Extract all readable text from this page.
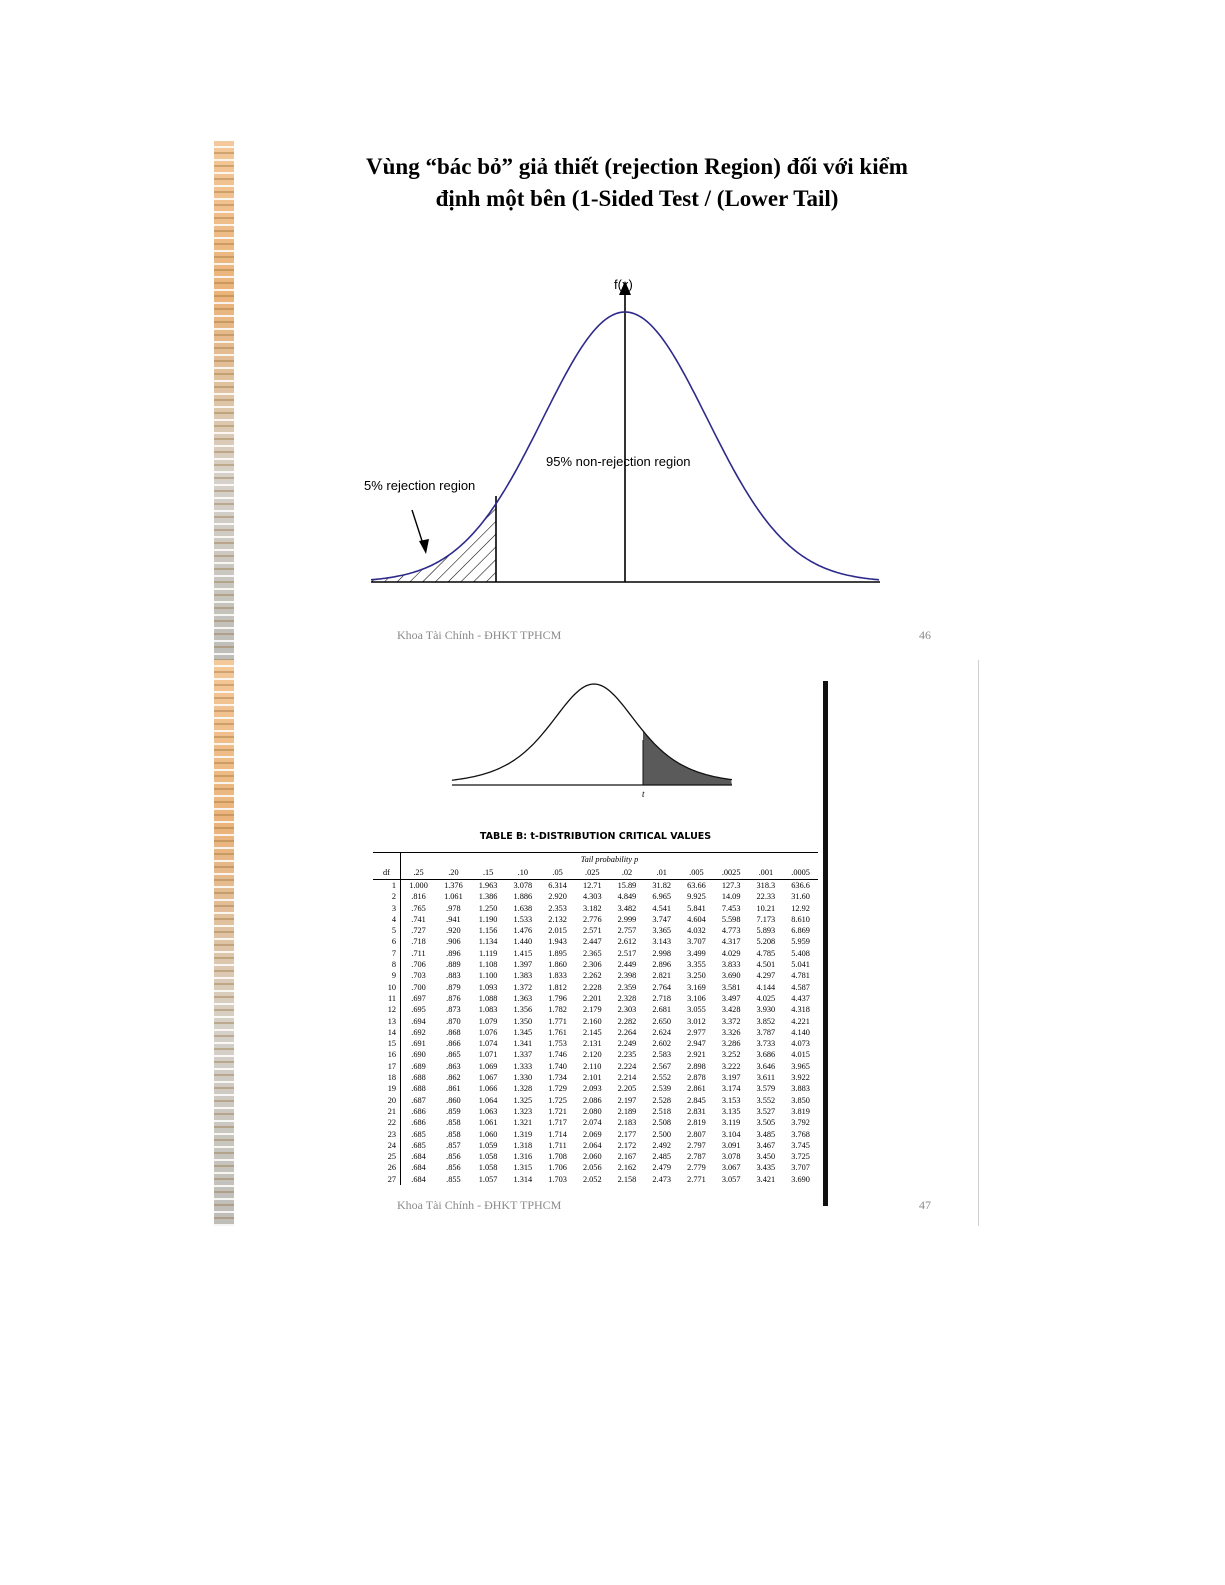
Vùng “bác bỏ” giả thiết (rejection Region) đối với kiểm
định một bên (1-Sided Test / (Lower Tail)
f(x)
5% rejection region
95% non-rejection region
Khoa Tài Chính - ĐHKT TPHCM	46
t
TABLE B: t-DISTRIBUTION CRITICAL VALUES
	Tail probability p											
df	.25	.20	.15	.10	.05	.025	.02	.01	.005	.0025	.001	.0005
1	1.000	1.376	1.963	3.078	6.314	12.71	15.89	31.82	63.66	127.3	318.3	636.6
2	.816	1.061	1.386	1.886	2.920	4.303	4.849	6.965	9.925	14.09	22.33	31.60
3	.765	.978	1.250	1.638	2.353	3.182	3.482	4.541	5.841	7.453	10.21	12.92
4	.741	.941	1.190	1.533	2.132	2.776	2.999	3.747	4.604	5.598	7.173	8.610
5	.727	.920	1.156	1.476	2.015	2.571	2.757	3.365	4.032	4.773	5.893	6.869
6	.718	.906	1.134	1.440	1.943	2.447	2.612	3.143	3.707	4.317	5.208	5.959
7	.711	.896	1.119	1.415	1.895	2.365	2.517	2.998	3.499	4.029	4.785	5.408
8	.706	.889	1.108	1.397	1.860	2.306	2.449	2.896	3.355	3.833	4.501	5.041
9	.703	.883	1.100	1.383	1.833	2.262	2.398	2.821	3.250	3.690	4.297	4.781
10	.700	.879	1.093	1.372	1.812	2.228	2.359	2.764	3.169	3.581	4.144	4.587
11	.697	.876	1.088	1.363	1.796	2.201	2.328	2.718	3.106	3.497	4.025	4.437
12	.695	.873	1.083	1.356	1.782	2.179	2.303	2.681	3.055	3.428	3.930	4.318
13	.694	.870	1.079	1.350	1.771	2.160	2.282	2.650	3.012	3.372	3.852	4.221
14	.692	.868	1.076	1.345	1.761	2.145	2.264	2.624	2.977	3.326	3.787	4.140
15	.691	.866	1.074	1.341	1.753	2.131	2.249	2.602	2.947	3.286	3.733	4.073
16	.690	.865	1.071	1.337	1.746	2.120	2.235	2.583	2.921	3.252	3.686	4.015
17	.689	.863	1.069	1.333	1.740	2.110	2.224	2.567	2.898	3.222	3.646	3.965
18	.688	.862	1.067	1.330	1.734	2.101	2.214	2.552	2.878	3.197	3.611	3.922
19	.688	.861	1.066	1.328	1.729	2.093	2.205	2.539	2.861	3.174	3.579	3.883
20	.687	.860	1.064	1.325	1.725	2.086	2.197	2.528	2.845	3.153	3.552	3.850
21	.686	.859	1.063	1.323	1.721	2.080	2.189	2.518	2.831	3.135	3.527	3.819
22	.686	.858	1.061	1.321	1.717	2.074	2.183	2.508	2.819	3.119	3.505	3.792
23	.685	.858	1.060	1.319	1.714	2.069	2.177	2.500	2.807	3.104	3.485	3.768
24	.685	.857	1.059	1.318	1.711	2.064	2.172	2.492	2.797	3.091	3.467	3.745
25	.684	.856	1.058	1.316	1.708	2.060	2.167	2.485	2.787	3.078	3.450	3.725
26	.684	.856	1.058	1.315	1.706	2.056	2.162	2.479	2.779	3.067	3.435	3.707
27	.684	.855	1.057	1.314	1.703	2.052	2.158	2.473	2.771	3.057	3.421	3.690
Khoa Tài Chính - ĐHKT TPHCM	47
